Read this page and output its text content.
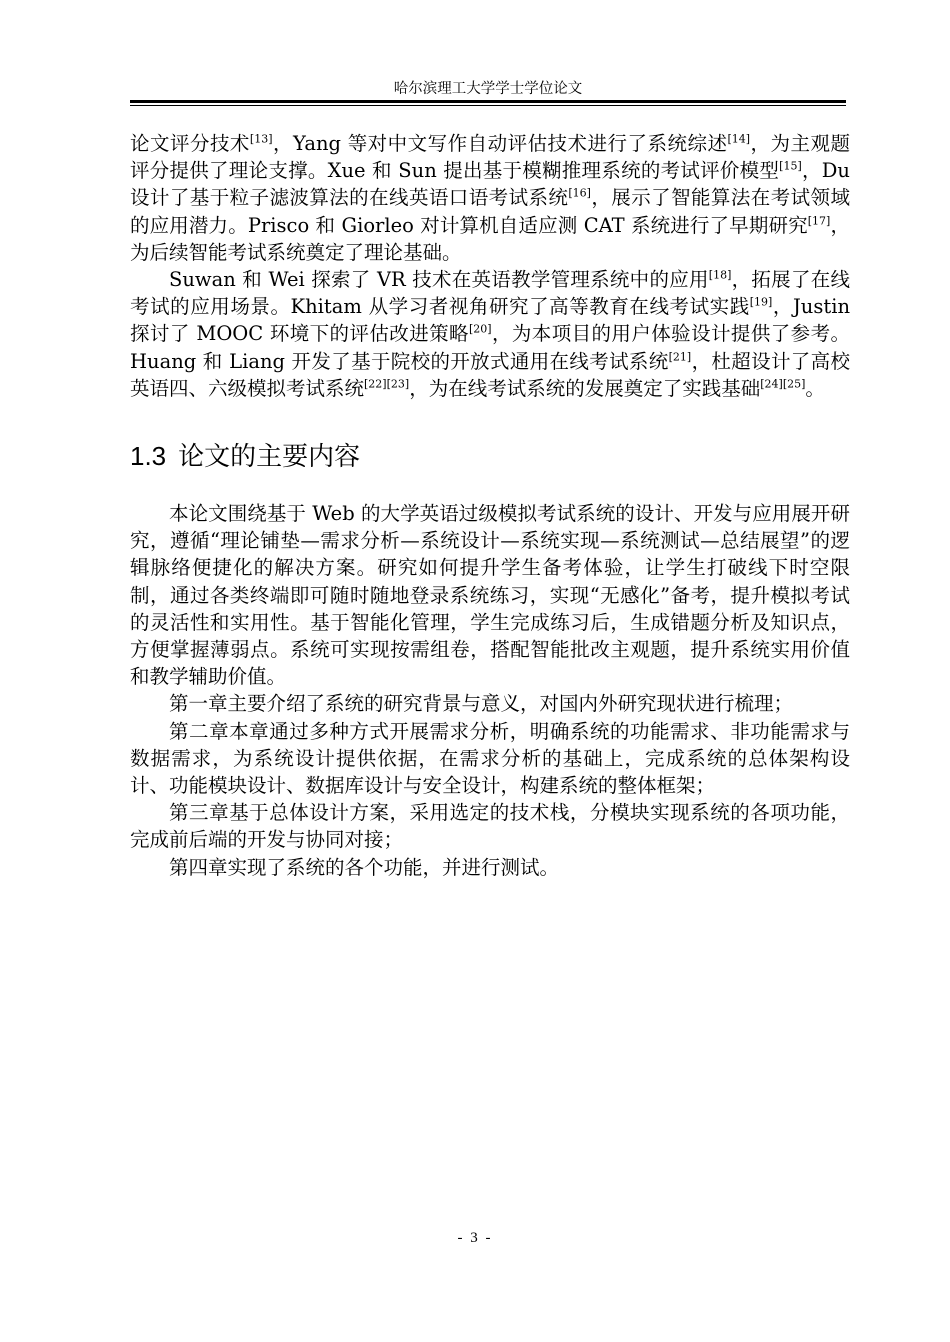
哈尔滨理工大学学士学位论文

论文评分技术[13]，Yang 等对中文写作自动评估技术进行了系统综述[14]，为主观题评分提供了理论支撑。Xue 和 Sun 提出基于模糊推理系统的考试评价模型[15]，Du 设计了基于粒子滤波算法的在线英语口语考试系统[16]，展示了智能算法在考试领域的应用潜力。Prisco 和 Giorleo 对计算机自适应测 CAT 系统进行了早期研究[17]，为后续智能考试系统奠定了理论基础。

Suwan 和 Wei 探索了 VR 技术在英语教学管理系统中的应用[18]，拓展了在线考试的应用场景。Khitam 从学习者视角研究了高等教育在线考试实践[19]，Justin 探讨了 MOOC 环境下的评估改进策略[20]，为本项目的用户体验设计提供了参考。Huang 和 Liang 开发了基于院校的开放式通用在线考试系统[21]，杜超设计了高校英语四、六级模拟考试系统[22][23]，为在线考试系统的发展奠定了实践基础[24][25]。

1.3 论文的主要内容

本论文围绕基于 Web 的大学英语过级模拟考试系统的设计、开发与应用展开研究，遵循“理论铺垫—需求分析—系统设计—系统实现—系统测试—总结展望”的逻辑脉络便捷化的解决方案。研究如何提升学生备考体验，让学生打破线下时空限制，通过各类终端即可随时随地登录系统练习，实现“无感化”备考，提升模拟考试的灵活性和实用性。基于智能化管理，学生完成练习后，生成错题分析及知识点，方便掌握薄弱点。系统可实现按需组卷，搭配智能批改主观题，提升系统实用价值和教学辅助价值。

第一章主要介绍了系统的研究背景与意义，对国内外研究现状进行梳理；

第二章本章通过多种方式开展需求分析，明确系统的功能需求、非功能需求与数据需求，为系统设计提供依据，在需求分析的基础上，完成系统的总体架构设计、功能模块设计、数据库设计与安全设计，构建系统的整体框架；

第三章基于总体设计方案，采用选定的技术栈，分模块实现系统的各项功能，完成前后端的开发与协同对接；

第四章实现了系统的各个功能，并进行测试。

- 3 -
